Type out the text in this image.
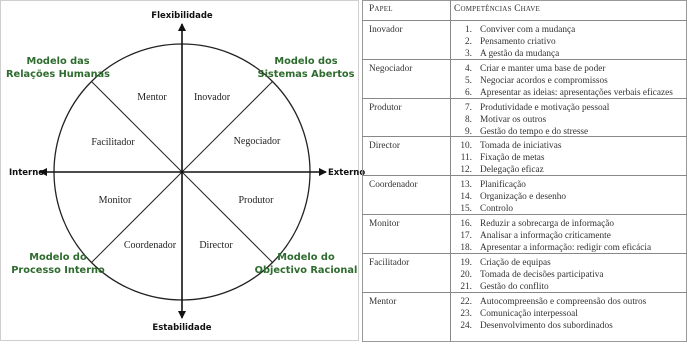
Flexibilidade
Estabilidade
Interno	Externo
Mentor	Inovador
Facilitador	Negociador
Monitor	Produtor
Coordenador Director
Modelo das
Relações Humanas
Modelo dos
Sistemas Abertos
Modelo do
Processo Interno
Modelo do
Objectivo Racional
Papel	Competências Chave
Inovador	1. Conviver com a mudança
2. Pensamento criativo
3. A gestão da mudança
Negociador	4. Criar e manter uma base de poder
5. Negociar acordos e compromissos
6. Apresentar as ideias: apresentações verbais eficazes
Produtor	7. Produtividade e motivação pessoal
8. Motivar os outros
9. Gestão do tempo e do stresse
Director	10. Tomada de iniciativas
11. Fixação de metas
12. Delegação eficaz
Coordenador	13. Planificação
14. Organização e desenho
15. Controlo
Monitor	16. Reduzir a sobrecarga de informação
17. Analisar a informação criticamente
18. Apresentar a informação: redigir com eficácia
Facilitador	19. Criação de equipas
20. Tomada de decisões participativa
21. Gestão do conflito
Mentor	22. Autocompreensão e compreensão dos outros
23. Comunicação interpessoal
24. Desenvolvimento dos subordinados
